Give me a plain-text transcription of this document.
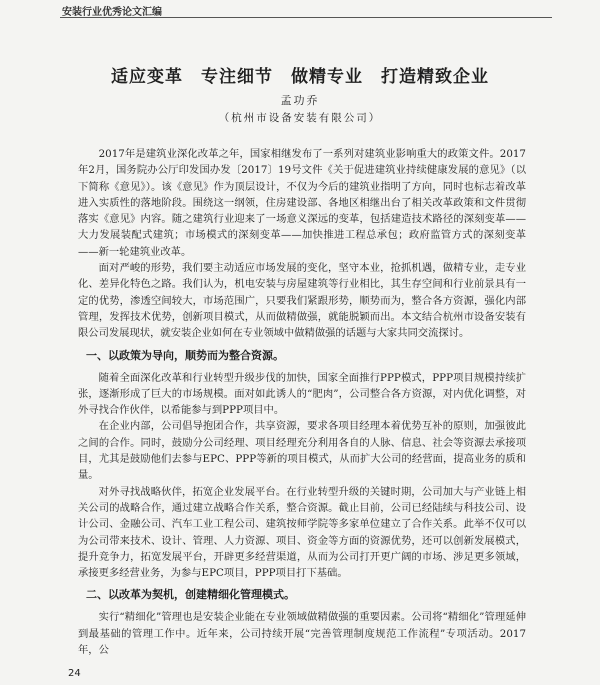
安装行业优秀论文汇编
适应变革　专注细节　做精专业　打造精致企业
孟功乔
（杭州市设备安装有限公司）

2017年是建筑业深化改革之年，国家相继发布了一系列对建筑业影响重大的政策文件。2017年2月，国务院办公厅印发国办发〔2017〕19号文件《关于促进建筑业持续健康发展的意见》（以下简称《意见》）。该《意见》作为顶层设计，不仅为今后的建筑业指明了方向，同时也标志着改革进入实质性的落地阶段。围绕这一纲领，住房建设部、各地区相继出台了相关改革政策和文件贯彻落实《意见》内容。随之建筑行业迎来了一场意义深远的变革，包括建造技术路径的深刻变革——大力发展装配式建筑；市场模式的深刻变革——加快推进工程总承包；政府监管方式的深刻变革——新一轮建筑业改革。

面对严峻的形势，我们要主动适应市场发展的变化，坚守本业，抢抓机遇，做精专业，走专业化、差异化特色之路。我们认为，机电安装与房屋建筑等行业相比，其生存空间和行业前景具有一定的优势，渗透空间较大，市场范围广，只要我们紧跟形势，顺势而为，整合各方资源，强化内部管理，发挥技术优势，创新项目模式，从而做精做强，就能脱颖而出。本文结合杭州市设备安装有限公司发展现状，就安装企业如何在专业领域中做精做强的话题与大家共同交流探讨。

一、以政策为导向，顺势而为整合资源。

随着全面深化改革和行业转型升级步伐的加快，国家全面推行PPP模式，PPP项目规模持续扩张，逐渐形成了巨大的市场规模。面对如此诱人的“肥肉”，公司整合各方资源，对内优化调整，对外寻找合作伙伴，以希能参与到PPP项目中。

在企业内部，公司倡导抱团合作，共享资源，要求各项目经理本着优势互补的原则，加强彼此之间的合作。同时，鼓励分公司经理、项目经理充分利用各自的人脉、信息、社会等资源去承接项目，尤其是鼓励他们去参与EPC、PPP等新的项目模式，从而扩大公司的经营面，提高业务的质和量。

对外寻找战略伙伴，拓宽企业发展平台。在行业转型升级的关键时期，公司加大与产业链上相关公司的战略合作，通过建立战略合作关系，整合资源。截止目前，公司已经陆续与科技公司、设计公司、金融公司、汽车工业工程公司、建筑按师学院等多家单位建立了合作关系。此举不仅可以为公司带来技术、设计、管理、人力资源、项目、资金等方面的资源优势，还可以创新发展模式，提升竞争力，拓宽发展平台，开辟更多经营渠道，从而为公司打开更广阔的市场、涉足更多领域，承接更多经营业务，为参与EPC项目，PPP项目打下基础。

二、以改革为契机，创建精细化管理模式。

实行“精细化”管理也是安装企业能在专业领域做精做强的重要因素。公司将“精细化”管理延伸到最基础的管理工作中。近年来，公司持续开展“完善管理制度规范工作流程”专项活动。2017年，公

24
